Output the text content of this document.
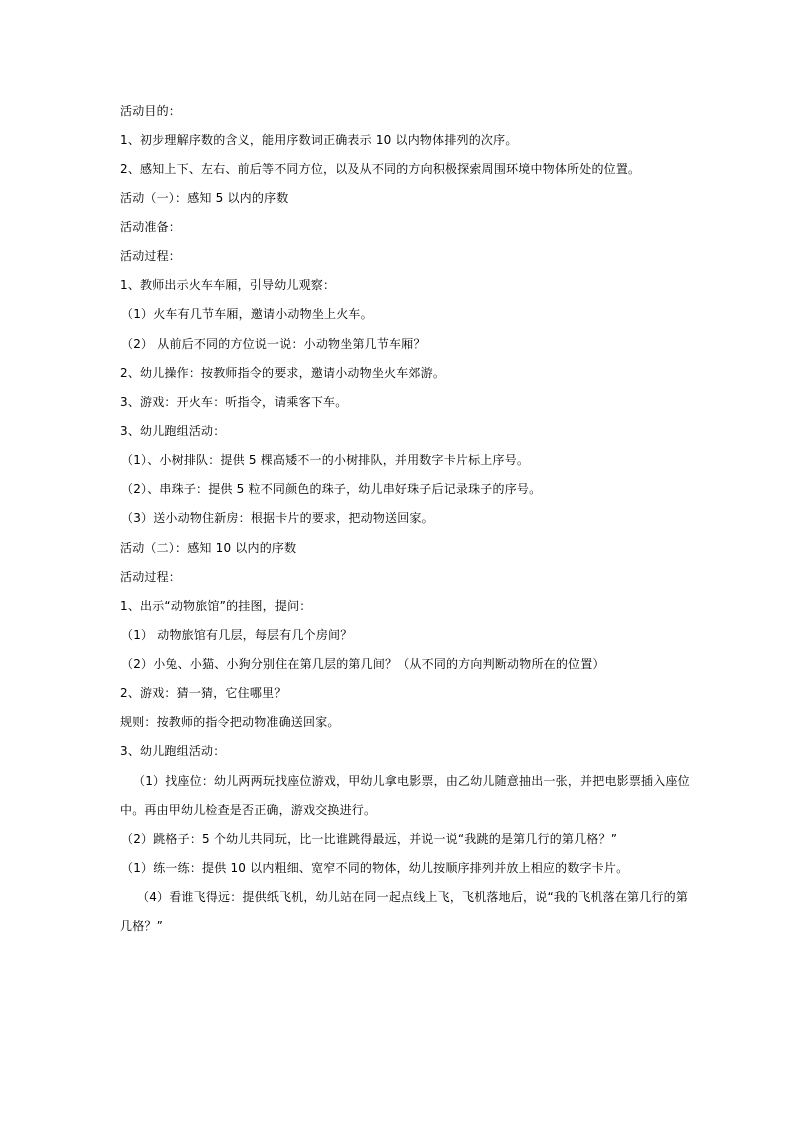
活动目的：
1、初步理解序数的含义，能用序数词正确表示 10 以内物体排列的次序。
2、感知上下、左右、前后等不同方位，以及从不同的方向积极探索周围环境中物体所处的位置。
活动（一）：感知 5 以内的序数
活动准备：
活动过程：
1、教师出示火车车厢，引导幼儿观察：
（1）火车有几节车厢，邀请小动物坐上火车。
（2） 从前后不同的方位说一说：小动物坐第几节车厢？
2、幼儿操作：按教师指令的要求，邀请小动物坐火车郊游。
3、游戏：开火车：听指令，请乘客下车。
3、幼儿跑组活动：
（1）、小树排队：提供 5 棵高矮不一的小树排队，并用数字卡片标上序号。
（2）、串珠子：提供 5 粒不同颜色的珠子，幼儿串好珠子后记录珠子的序号。
（3）送小动物住新房：根据卡片的要求，把动物送回家。
活动（二）：感知 10 以内的序数
活动过程：
1、出示“动物旅馆”的挂图，提问：
（1） 动物旅馆有几层，每层有几个房间？
（2）小兔、小猫、小狗分别住在第几层的第几间？（从不同的方向判断动物所在的位置）
2、游戏：猜一猜，它住哪里？
规则：按教师的指令把动物准确送回家。
3、幼儿跑组活动：
（1）找座位：幼儿两两玩找座位游戏，甲幼儿拿电影票，由乙幼儿随意抽出一张，并把电影票插入座位
中。再由甲幼儿检查是否正确，游戏交换进行。
（2）跳格子：5 个幼儿共同玩，比一比谁跳得最远，并说一说“我跳的是第几行的第几格？”
（1）练一练：提供 10 以内粗细、宽窄不同的物体，幼儿按顺序排列并放上相应的数字卡片。
（4）看谁飞得远：提供纸飞机，幼儿站在同一起点线上飞，飞机落地后，说“我的飞机落在第几行的第
几格？”
